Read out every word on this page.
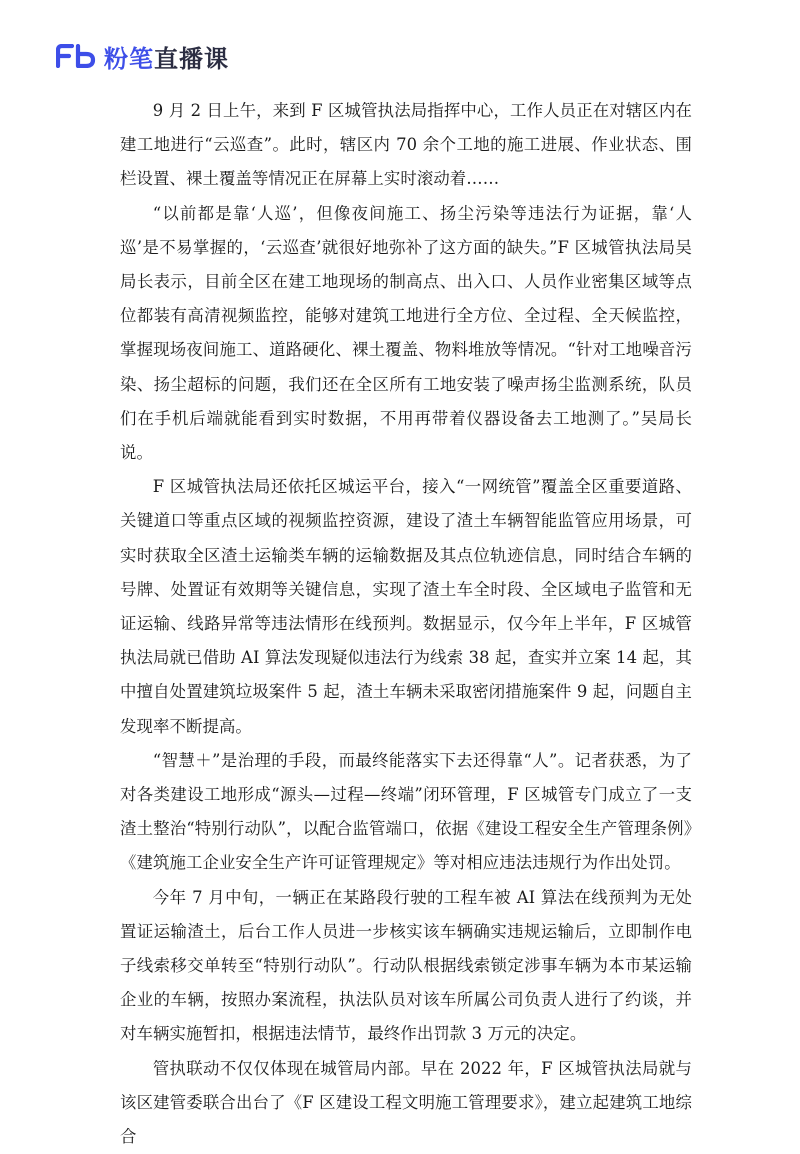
粉笔直播课

9 月 2 日上午，来到 F 区城管执法局指挥中心，工作人员正在对辖区内在建工地进行“云巡查”。此时，辖区内 70 余个工地的施工进展、作业状态、围栏设置、裸土覆盖等情况正在屏幕上实时滚动着……

“以前都是靠‘人巡’，但像夜间施工、扬尘污染等违法行为证据，靠‘人巡’是不易掌握的，‘云巡查’就很好地弥补了这方面的缺失。”F 区城管执法局吴局长表示，目前全区在建工地现场的制高点、出入口、人员作业密集区域等点位都装有高清视频监控，能够对建筑工地进行全方位、全过程、全天候监控，掌握现场夜间施工、道路硬化、裸土覆盖、物料堆放等情况。“针对工地噪音污染、扬尘超标的问题，我们还在全区所有工地安装了噪声扬尘监测系统，队员们在手机后端就能看到实时数据，不用再带着仪器设备去工地测了。”吴局长说。

F 区城管执法局还依托区城运平台，接入“一网统管”覆盖全区重要道路、关键道口等重点区域的视频监控资源，建设了渣土车辆智能监管应用场景，可实时获取全区渣土运输类车辆的运输数据及其点位轨迹信息，同时结合车辆的号牌、处置证有效期等关键信息，实现了渣土车全时段、全区域电子监管和无证运输、线路异常等违法情形在线预判。数据显示，仅今年上半年，F 区城管执法局就已借助 AI 算法发现疑似违法行为线索 38 起，查实并立案 14 起，其中擅自处置建筑垃圾案件 5 起，渣土车辆未采取密闭措施案件 9 起，问题自主发现率不断提高。

“智慧＋”是治理的手段，而最终能落实下去还得靠“人”。记者获悉，为了对各类建设工地形成“源头—过程—终端”闭环管理，F 区城管专门成立了一支渣土整治“特别行动队”，以配合监管端口，依据《建设工程安全生产管理条例》《建筑施工企业安全生产许可证管理规定》等对相应违法违规行为作出处罚。

今年 7 月中旬，一辆正在某路段行驶的工程车被 AI 算法在线预判为无处置证运输渣土，后台工作人员进一步核实该车辆确实违规运输后，立即制作电子线索移交单转至“特别行动队”。行动队根据线索锁定涉事车辆为本市某运输企业的车辆，按照办案流程，执法队员对该车所属公司负责人进行了约谈，并对车辆实施暂扣，根据违法情节，最终作出罚款 3 万元的决定。

管执联动不仅仅体现在城管局内部。早在 2022 年，F 区城管执法局就与该区建管委联合出台了《F 区建设工程文明施工管理要求》，建立起建筑工地综合
